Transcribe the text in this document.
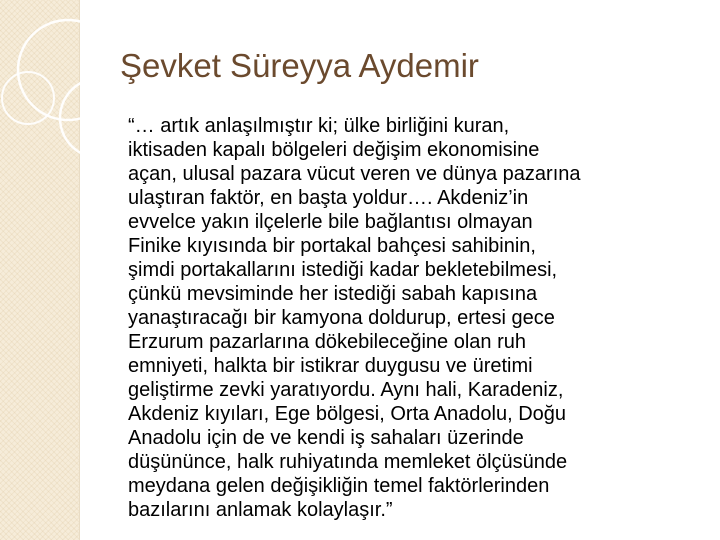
Şevket Süreyya Aydemir
“… artık anlaşılmıştır ki; ülke birliğini kuran,
iktisaden kapalı bölgeleri değişim ekonomisine
açan, ulusal pazara vücut veren ve dünya pazarına
ulaştıran faktör, en başta yoldur…. Akdeniz’in
evvelce yakın ilçelerle bile bağlantısı olmayan
Finike kıyısında bir portakal bahçesi sahibinin,
şimdi portakallarını istediği kadar bekletebilmesi,
çünkü mevsiminde her istediği sabah kapısına
yanaştıracağı bir kamyona doldurup, ertesi gece
Erzurum pazarlarına dökebileceğine olan ruh
emniyeti, halkta bir istikrar duygusu ve üretimi
geliştirme zevki yaratıyordu. Aynı hali, Karadeniz,
Akdeniz kıyıları, Ege bölgesi, Orta Anadolu, Doğu
Anadolu için de ve kendi iş sahaları üzerinde
düşününce, halk ruhiyatında memleket ölçüsünde
meydana gelen değişikliğin temel faktörlerinden
bazılarını anlamak kolaylaşır.”
